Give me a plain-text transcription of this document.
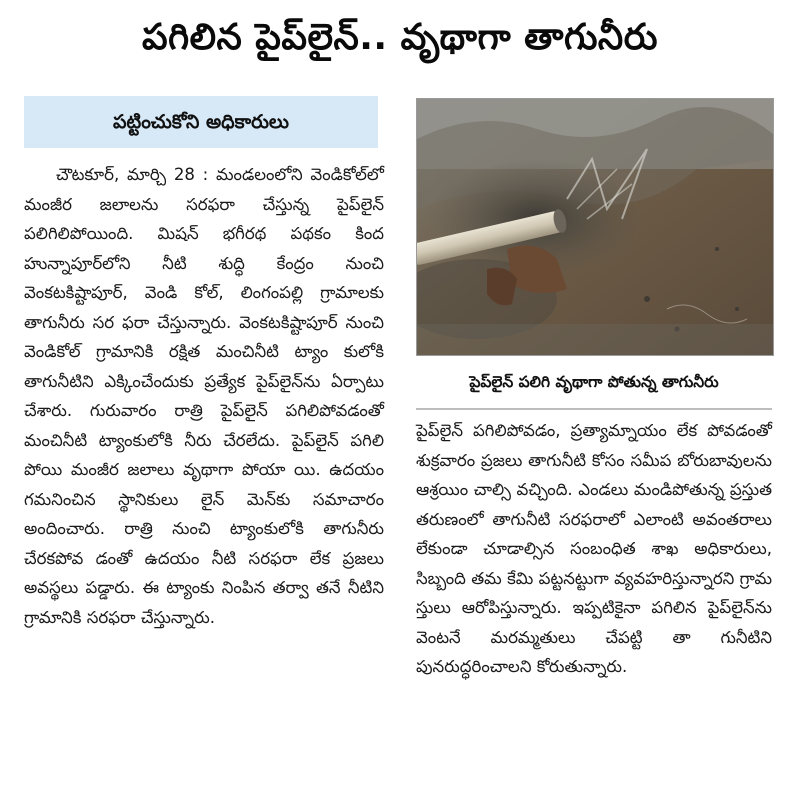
పగిలిన పైప్‌లైన్.. వృథాగా తాగునీరు
పట్టించుకోని అధికారులు

చౌటకూర్, మార్చి 28 : మండలంలోని వెండికోల్‌లో మంజీర జలాలను సరఫరా చేస్తున్న పైప్‌లైన్ పలిగిలిపోయింది. మిషన్ భగీరథ పథకం కింద హున్నాపూర్‌లోని నీటి శుద్ధి కేంద్రం నుంచి వెంకటకిష్టాపూర్, వెండి కోల్, లింగంపల్లి గ్రామాలకు తాగునీరు సర ఫరా చేస్తున్నారు. వెంకటకిష్టాపూర్ నుంచి వెండికోల్ గ్రామానికి రక్షిత మంచినీటి ట్యాం కులోకి తాగునీటిని ఎక్కించేందుకు ప్రత్యేక పైప్‌లైన్‌ను ఏర్పాటు చేశారు. గురువారం రాత్రి పైప్‌లైన్ పగిలిపోవడంతో మంచినీటి ట్యాంకులోకి నీరు చేరలేదు. పైప్‌లైన్ పగిలి పోయి మంజీర జలాలు వృథాగా పోయా యి. ఉదయం గమనించిన స్థానికులు లైన్ మెన్‌కు సమాచారం అందించారు. రాత్రి నుంచి ట్యాంకులోకి తాగునీరు చేరకపోవ డంతో ఉదయం నీటి సరఫరా లేక ప్రజలు అవస్థలు పడ్డారు. ఈ ట్యాంకు నింపిన తర్వా తనే నీటిని గ్రామానికి సరఫరా చేస్తున్నారు.

పైప్‌లైన్ పలిగి వృథాగా పోతున్న తాగునీరు

పైప్‌లైన్ పగిలిపోవడం, ప్రత్యామ్నాయం లేక పోవడంతో శుక్రవారం ప్రజలు తాగునీటి కోసం సమీప బోరుబావులను ఆశ్రయిం చాల్సి వచ్చింది. ఎండలు మండిపోతున్న ప్రస్తుత తరుణంలో తాగునీటి సరఫరాలో ఎలాంటి అవంతరాలు లేకుండా చూడాల్సిన సంబంధిత శాఖ అధికారులు, సిబ్బంది తమ కేమి పట్టనట్టుగా వ్యవహరిస్తున్నారని గ్రామ స్తులు ఆరోపిస్తున్నారు. ఇప్పటికైనా పగిలిన పైప్‌లైన్‌ను వెంటనే మరమ్మతులు చేపట్టి తా గునీటిని పునరుద్ధరించాలని కోరుతున్నారు.
